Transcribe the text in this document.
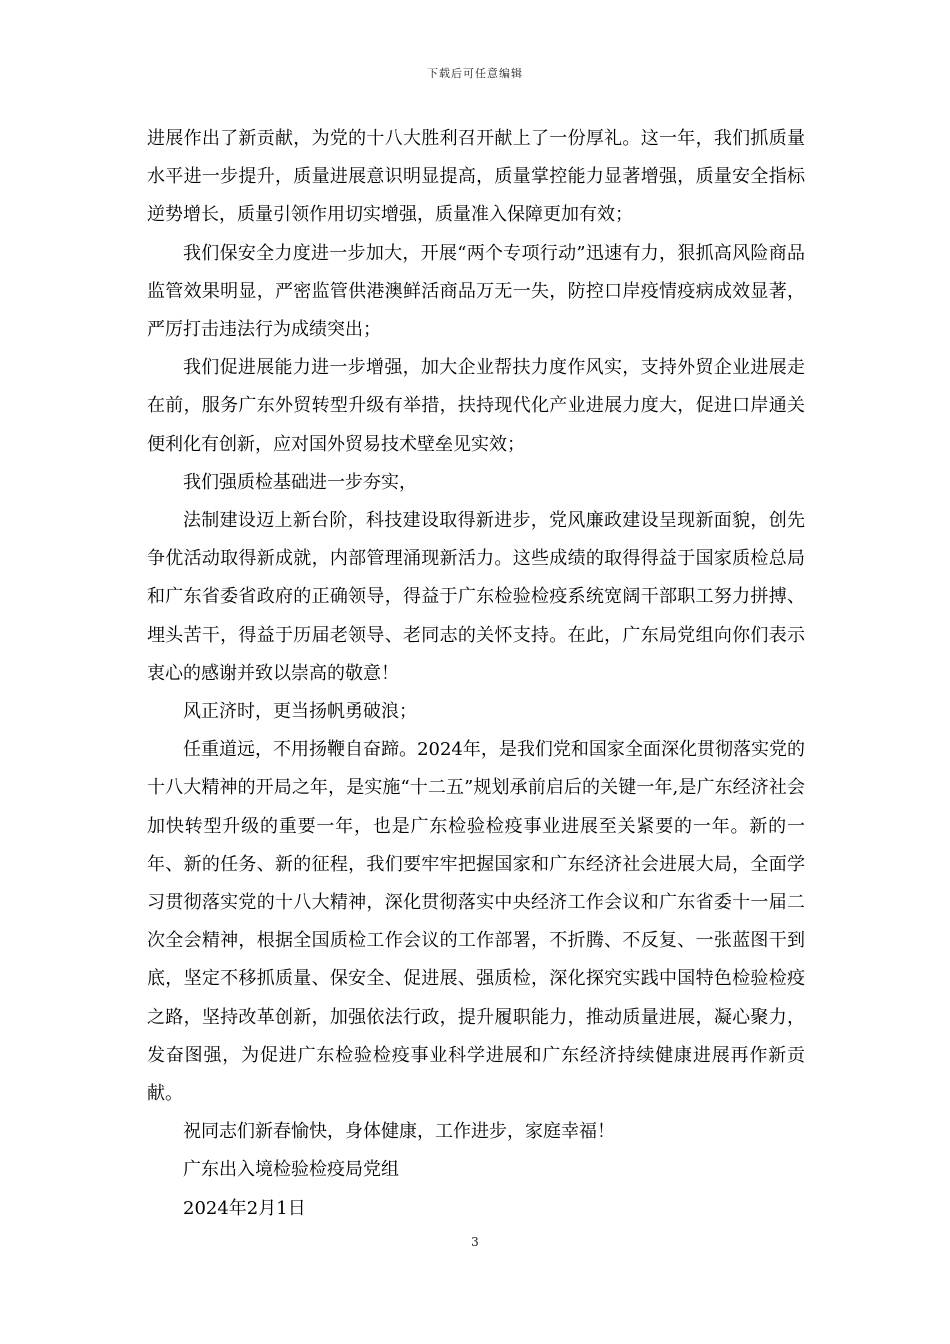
下载后可任意编辑

进展作出了新贡献，为党的十八大胜利召开献上了一份厚礼。这一年，我们抓质量水平进一步提升，质量进展意识明显提高，质量掌控能力显著增强，质量安全指标逆势增长，质量引领作用切实增强，质量准入保障更加有效；

我们保安全力度进一步加大，开展“两个专项行动”迅速有力，狠抓高风险商品监管效果明显，严密监管供港澳鲜活商品万无一失，防控口岸疫情疫病成效显著，严厉打击违法行为成绩突出；

我们促进展能力进一步增强，加大企业帮扶力度作风实，支持外贸企业进展走在前，服务广东外贸转型升级有举措，扶持现代化产业进展力度大，促进口岸通关便利化有创新，应对国外贸易技术壁垒见实效；

我们强质检基础进一步夯实，

法制建设迈上新台阶，科技建设取得新进步，党风廉政建设呈现新面貌，创先争优活动取得新成就，内部管理涌现新活力。这些成绩的取得得益于国家质检总局和广东省委省政府的正确领导，得益于广东检验检疫系统宽阔干部职工努力拼搏、埋头苦干，得益于历届老领导、老同志的关怀支持。在此，广东局党组向你们表示衷心的感谢并致以崇高的敬意！

风正济时，更当扬帆勇破浪；

任重道远，不用扬鞭自奋蹄。2024年，是我们党和国家全面深化贯彻落实党的十八大精神的开局之年，是实施“十二五”规划承前启后的关键一年,是广东经济社会加快转型升级的重要一年，也是广东检验检疫事业进展至关紧要的一年。新的一年、新的任务、新的征程，我们要牢牢把握国家和广东经济社会进展大局，全面学习贯彻落实党的十八大精神，深化贯彻落实中央经济工作会议和广东省委十一届二次全会精神，根据全国质检工作会议的工作部署，不折腾、不反复、一张蓝图干到底，坚定不移抓质量、保安全、促进展、强质检，深化探究实践中国特色检验检疫之路，坚持改革创新，加强依法行政，提升履职能力，推动质量进展，凝心聚力，发奋图强，为促进广东检验检疫事业科学进展和广东经济持续健康进展再作新贡献。

祝同志们新春愉快，身体健康，工作进步，家庭幸福！

广东出入境检验检疫局党组

2024年2月1日

3
